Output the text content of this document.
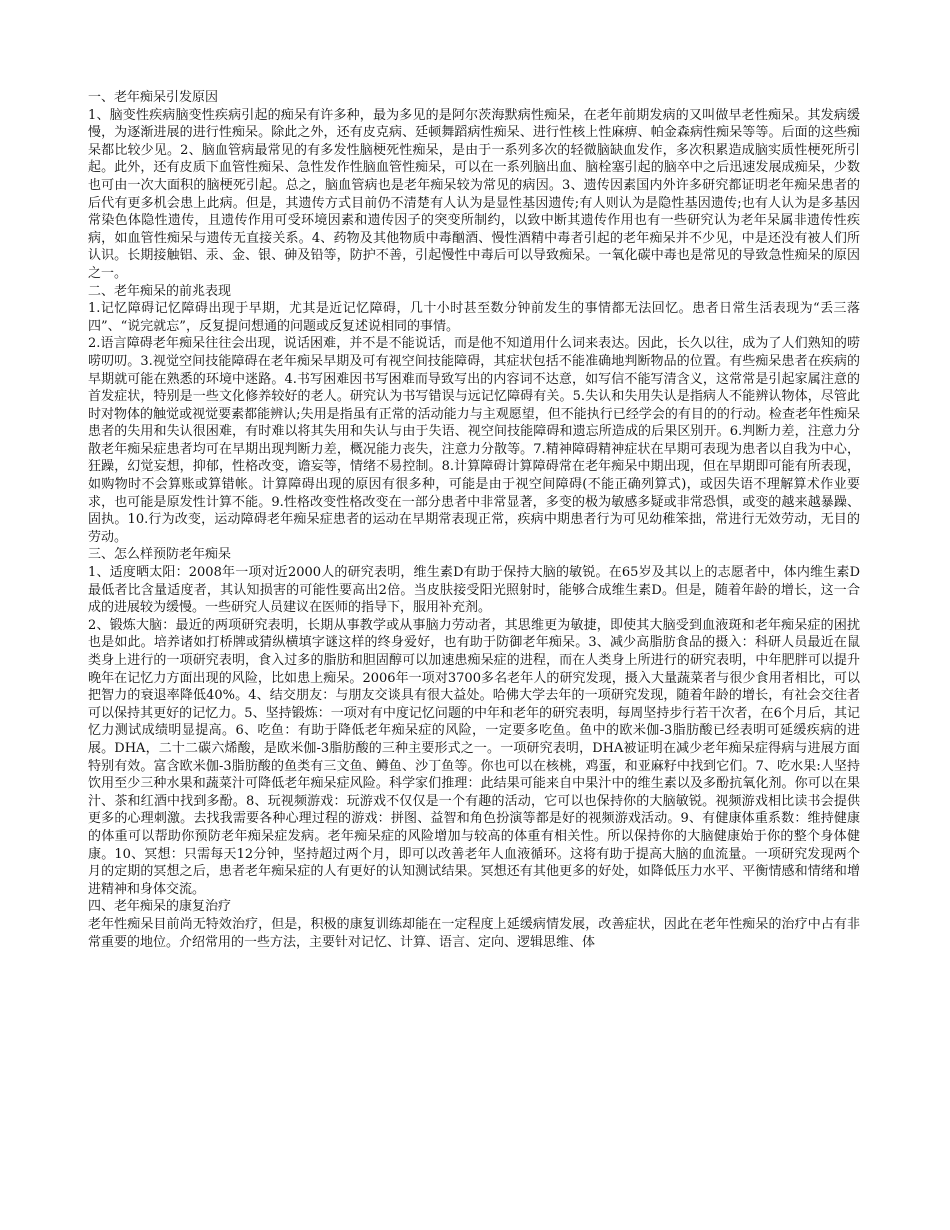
一、老年痴呆引发原因
1、脑变性疾病脑变性疾病引起的痴呆有许多种，最为多见的是阿尔茨海默病性痴呆，在老年前期发病的又叫做早老性痴呆。其发病缓慢，为逐渐进展的进行性痴呆。除此之外，还有皮克病、廷顿舞蹈病性痴呆、进行性核上性麻痹、帕金森病性痴呆等等。后面的这些痴呆都比较少见。2、脑血管病最常见的有多发性脑梗死性痴呆，是由于一系列多次的轻微脑缺血发作，多次积累造成脑实质性梗死所引起。此外，还有皮质下血管性痴呆、急性发作性脑血管性痴呆，可以在一系列脑出血、脑栓塞引起的脑卒中之后迅速发展成痴呆，少数也可由一次大面积的脑梗死引起。总之，脑血管病也是老年痴呆较为常见的病因。3、遗传因素国内外许多研究都证明老年痴呆患者的后代有更多机会患上此病。但是，其遗传方式目前仍不清楚有人认为是显性基因遗传;有人则认为是隐性基因遗传;也有人认为是多基因常染色体隐性遗传，且遗传作用可受环境因素和遗传因子的突变所制约，以致中断其遗传作用也有一些研究认为老年呆属非遗传性疾病，如血管性痴呆与遗传无直接关系。4、药物及其他物质中毒酗酒、慢性酒精中毒者引起的老年痴呆并不少见，中是还没有被人们所认识。长期接触铝、汞、金、银、砷及铅等，防护不善，引起慢性中毒后可以导致痴呆。一氧化碳中毒也是常见的导致急性痴呆的原因之一。
二、老年痴呆的前兆表现
1.记忆障碍记忆障碍出现于早期，尤其是近记忆障碍，几十小时甚至数分钟前发生的事情都无法回忆。患者日常生活表现为“丢三落四”、“说完就忘”，反复提问想通的问题或反复述说相同的事情。
2.语言障碍老年痴呆往往会出现，说话困难，并不是不能说话，而是他不知道用什么词来表达。因此，长久以往，成为了人们熟知的唠唠叨叨。3.视觉空间技能障碍在老年痴呆早期及可有视空间技能障碍，其症状包括不能准确地判断物品的位置。有些痴呆患者在疾病的早期就可能在熟悉的环境中迷路。4.书写困难因书写困难而导致写出的内容词不达意，如写信不能写清含义，这常常是引起家属注意的首发症状，特别是一些文化修养较好的老人。研究认为书写错误与远记忆障碍有关。5.失认和失用失认是指病人不能辨认物体，尽管此时对物体的触觉或视觉要素都能辨认;失用是指虽有正常的活动能力与主观愿望，但不能执行已经学会的有目的的行动。检查老年性痴呆患者的失用和失认很困难，有时难以将其失用和失认与由于失语、视空间技能障碍和遗忘所造成的后果区别开。6.判断力差，注意力分散老年痴呆症患者均可在早期出现判断力差，概况能力丧失，注意力分散等。7.精神障碍精神症状在早期可表现为患者以自我为中心，狂躁，幻觉妄想，抑郁，性格改变，谵妄等，情绪不易控制。8.计算障碍计算障碍常在老年痴呆中期出现，但在早期即可能有所表现，如购物时不会算账或算错帐。计算障碍出现的原因有很多种，可能是由于视空间障碍(不能正确列算式)，或因失语不理解算术作业要求，也可能是原发性计算不能。9.性格改变性格改变在一部分患者中非常显著，多变的极为敏感多疑或非常恐惧，或变的越来越暴躁、固执。10.行为改变，运动障碍老年痴呆症患者的运动在早期常表现正常，疾病中期患者行为可见幼稚笨拙，常进行无效劳动，无目的劳动。
三、怎么样预防老年痴呆
1、适度晒太阳：2008年一项对近2000人的研究表明，维生素D有助于保持大脑的敏锐。在65岁及其以上的志愿者中，体内维生素D最低者比含量适度者，其认知损害的可能性要高出2倍。当皮肤接受阳光照射时，能够合成维生素D。但是，随着年龄的增长，这一合成的进展较为缓慢。一些研究人员建议在医师的指导下，服用补充剂。
2、锻炼大脑：最近的两项研究表明，长期从事教学或从事脑力劳动者，其思维更为敏捷，即使其大脑受到血液斑和老年痴呆症的困扰也是如此。培养诸如打桥牌或猜纵横填字谜这样的终身爱好，也有助于防御老年痴呆。3、减少高脂肪食品的摄入：科研人员最近在鼠类身上进行的一项研究表明，食入过多的脂肪和胆固醇可以加速患痴呆症的进程，而在人类身上所进行的研究表明，中年肥胖可以提升晚年在记忆力方面出现的风险，比如患上痴呆。2006年一项对3700多名老年人的研究发现，摄入大量蔬菜者与很少食用者相比，可以把智力的衰退率降低40%。4、结交朋友：与朋友交谈具有很大益处。哈佛大学去年的一项研究发现，随着年龄的增长，有社会交往者可以保持其更好的记忆力。5、坚持锻炼：一项对有中度记忆问题的中年和老年的研究表明，每周坚持步行若干次者，在6个月后，其记忆力测试成绩明显提高。6、吃鱼：有助于降低老年痴呆症的风险，一定要多吃鱼。鱼中的欧米伽-3脂肪酸已经表明可延缓疾病的进展。DHA，二十二碳六烯酸，是欧米伽-3脂肪酸的三种主要形式之一。一项研究表明，DHA被证明在减少老年痴呆症得病与进展方面特别有效。富含欧米伽-3脂肪酸的鱼类有三文鱼、鳟鱼、沙丁鱼等。你也可以在核桃，鸡蛋，和亚麻籽中找到它们。7、吃水果:人坚持饮用至少三种水果和蔬菜汁可降低老年痴呆症风险。科学家们推理：此结果可能来自中果汁中的维生素以及多酚抗氧化剂。你可以在果汁、茶和红酒中找到多酚。8、玩视频游戏：玩游戏不仅仅是一个有趣的活动，它可以也保持你的大脑敏锐。视频游戏相比读书会提供更多的心理刺激。去找我需要各种心理过程的游戏：拼图、益智和角色扮演等都是好的视频游戏活动。9、有健康体重系数：维持健康的体重可以帮助你预防老年痴呆症发病。老年痴呆症的风险增加与较高的体重有相关性。所以保持你的大脑健康始于你的整个身体健康。10、冥想：只需每天12分钟，坚持超过两个月，即可以改善老年人血液循环。这将有助于提高大脑的血流量。一项研究发现两个月的定期的冥想之后，患者老年痴呆症的人有更好的认知测试结果。冥想还有其他更多的好处，如降低压力水平、平衡情感和情绪和增进精神和身体交流。
四、老年痴呆的康复治疗
老年性痴呆目前尚无特效治疗，但是，积极的康复训练却能在一定程度上延缓病情发展，改善症状，因此在老年性痴呆的治疗中占有非常重要的地位。介绍常用的一些方法，主要针对记忆、计算、语言、定向、逻辑思维、体
